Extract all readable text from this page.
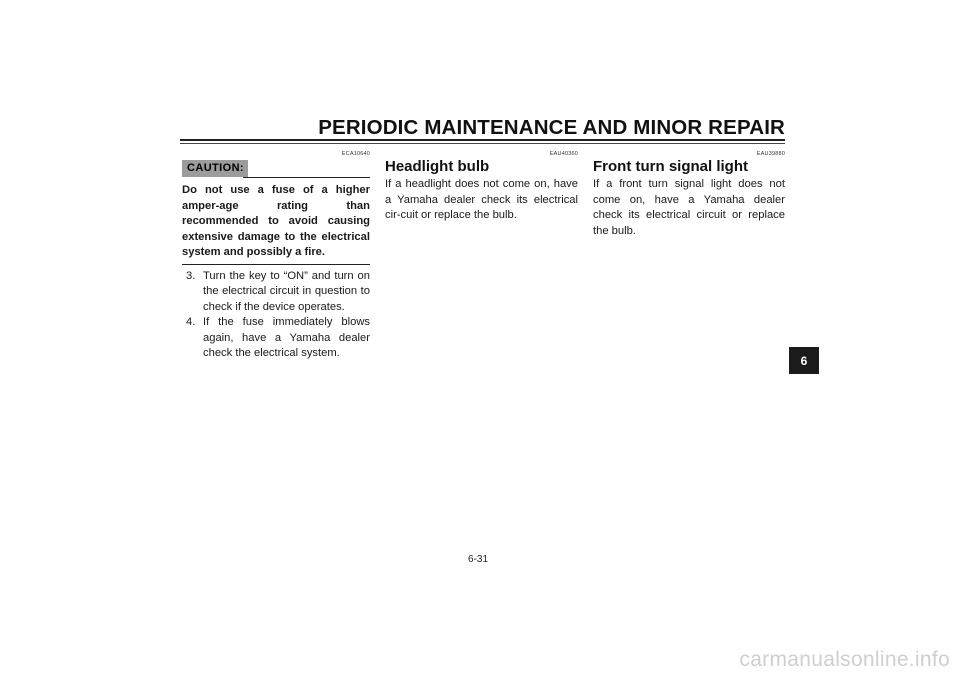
PERIODIC MAINTENANCE AND MINOR REPAIR
ECA10640
CAUTION:

Do not use a fuse of a higher amper-age rating than recommended to avoid causing extensive damage to the electrical system and possibly a fire.

3. Turn the key to “ON” and turn on the electrical circuit in question to check if the device operates.
4. If the fuse immediately blows again, have a Yamaha dealer check the electrical system.
EAU40360
Headlight bulb

If a headlight does not come on, have a Yamaha dealer check its electrical cir-cuit or replace the bulb.

EAU39880
Front turn signal light

If a front turn signal light does not come on, have a Yamaha dealer check its electrical circuit or replace the bulb.

6-31
6
carmanualsonline.info
